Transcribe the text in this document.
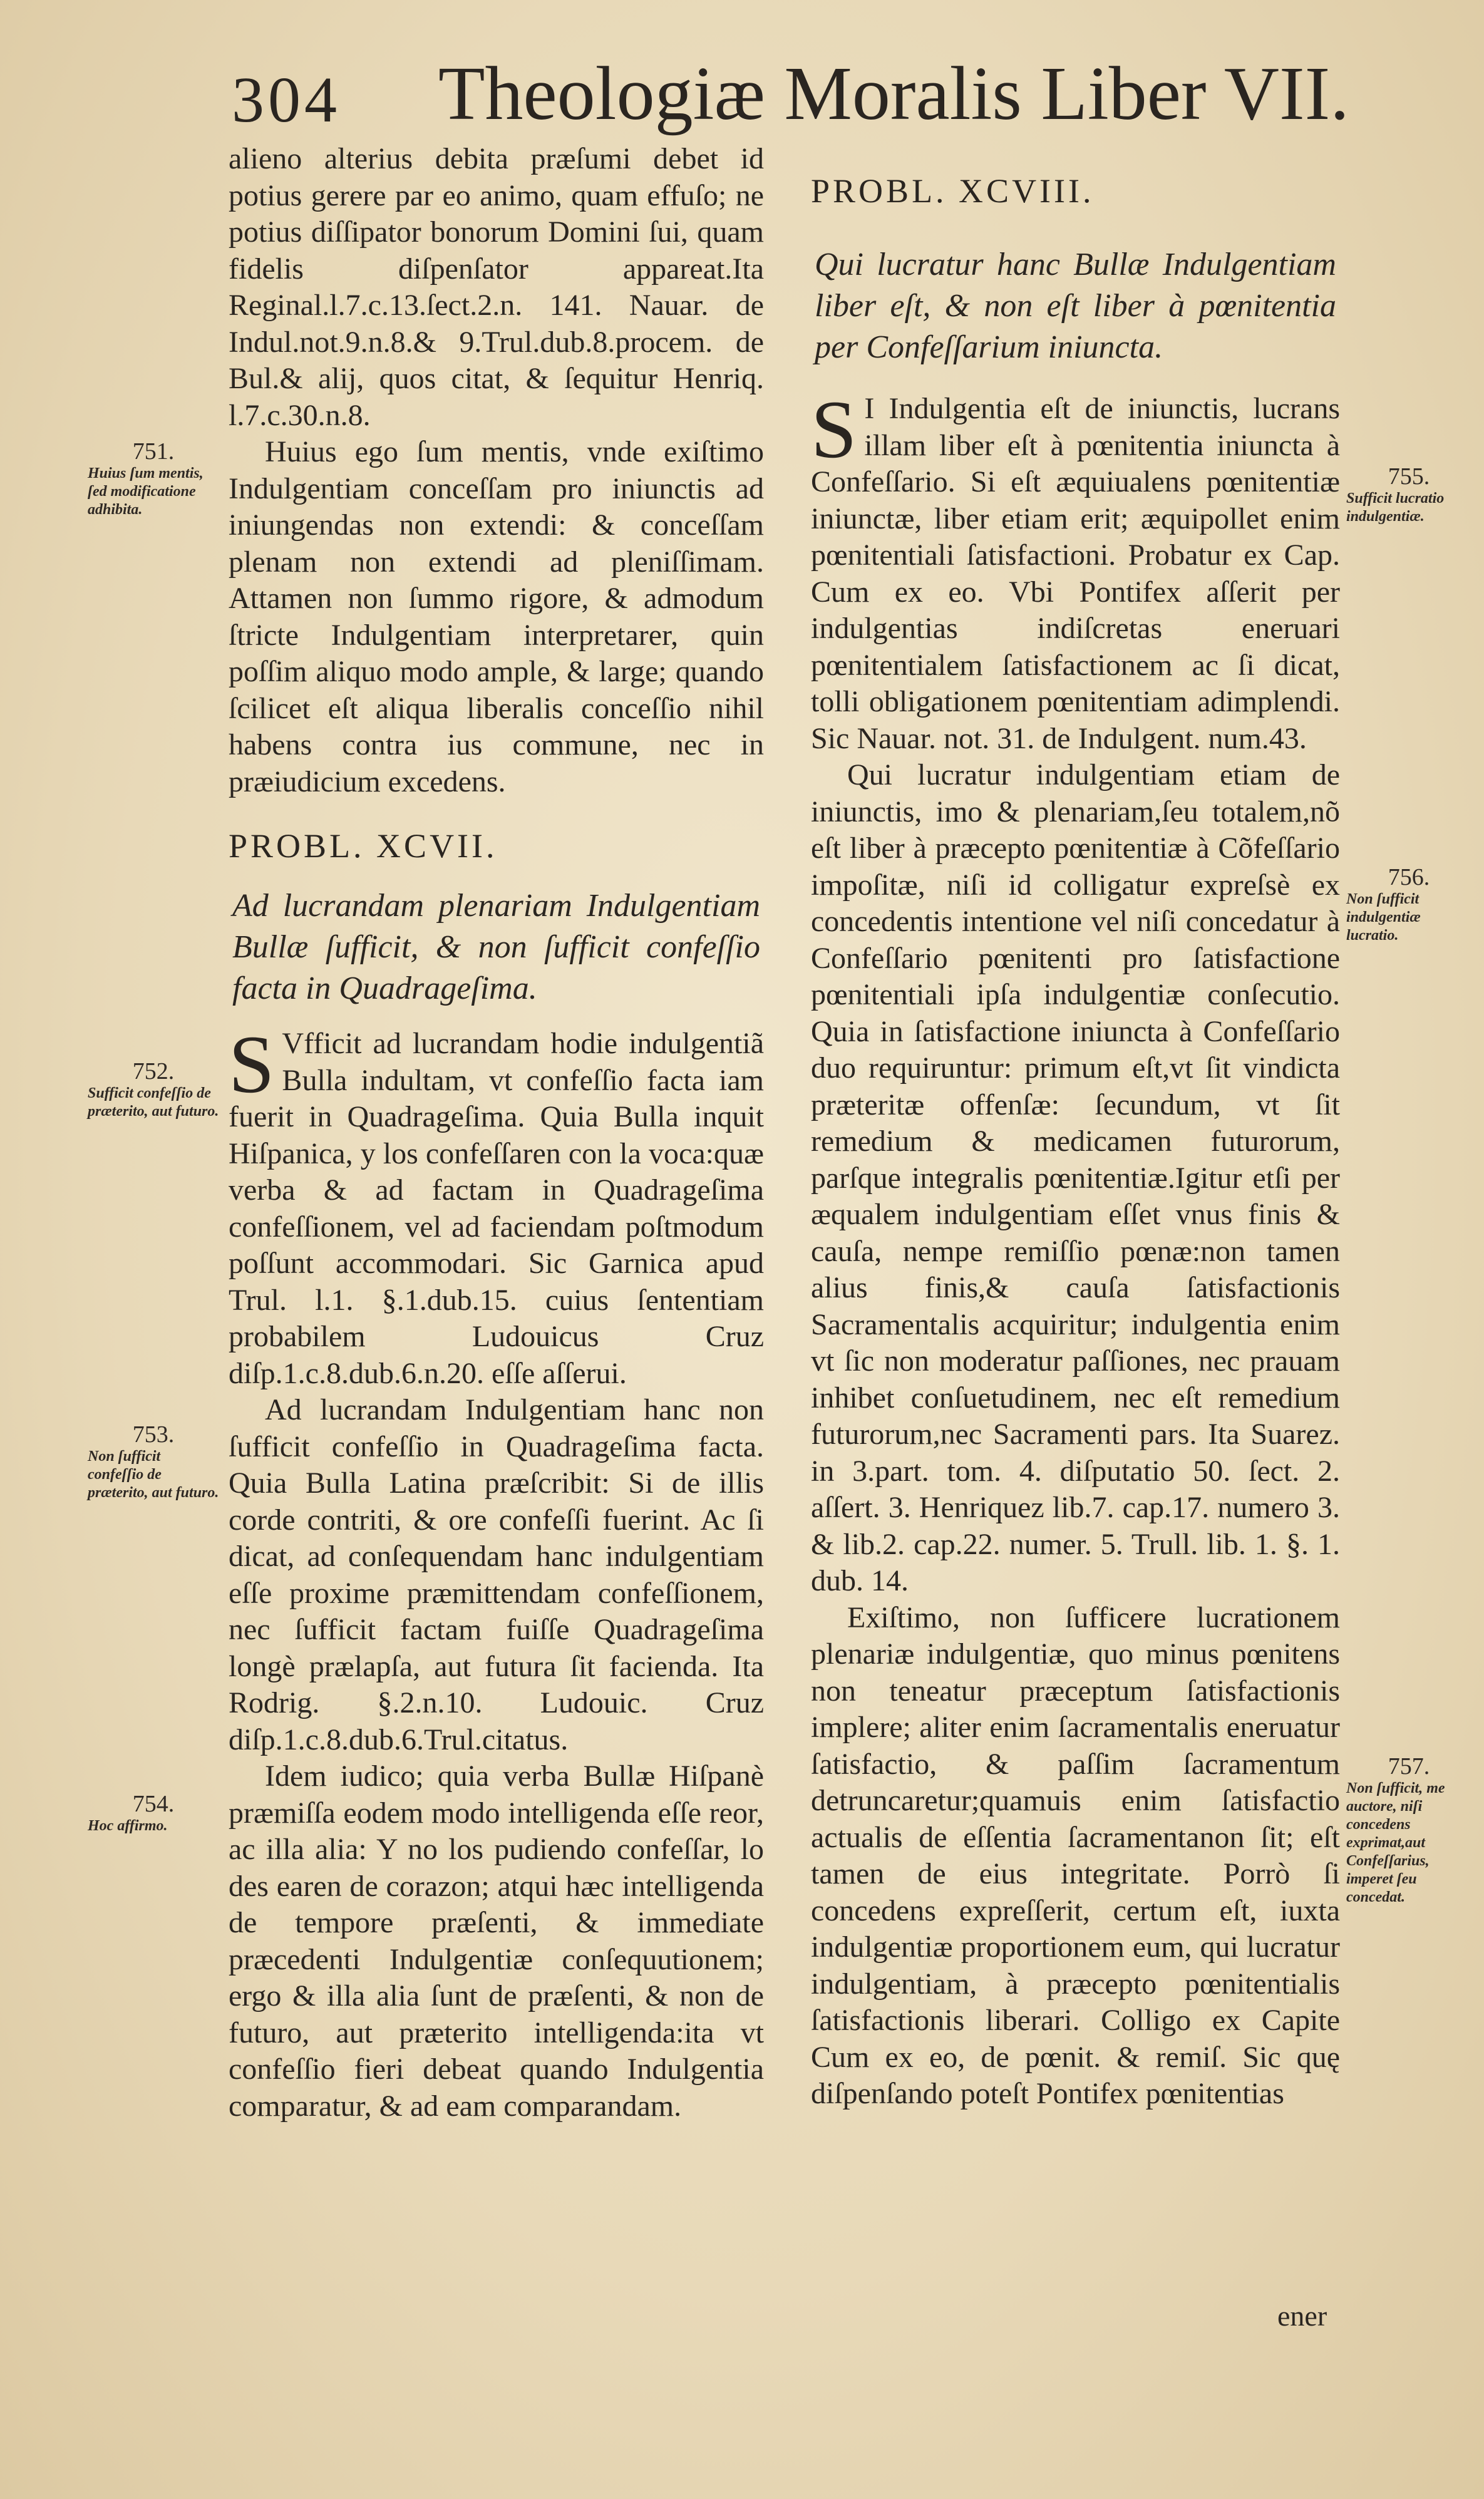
304 Theologiæ Moralis Liber VII.

alieno alterius debita præſumi debet id potius gerere par eo animo, quam effuſo; ne potius diſſipator bonorum Domini ſui, quam fidelis diſpenſator appareat.Ita Reginal.l.7.c.13.ſect.2.n. 141. Nauar. de Indul.not.9.n.8.& 9.Trul.dub.8.procem. de Bul.& alij, quos citat, & ſequitur Henriq. l.7.c.30.n.8.

Huius ego ſum mentis, vnde exiſtimo Indulgentiam conceſſam pro iniunctis ad iniungendas non extendi: & conceſſam plenam non extendi ad pleniſſimam. Attamen non ſummo rigore, & admodum ſtricte Indulgentiam interpretarer, quin poſſim aliquo modo ample, & large; quando ſcilicet eſt aliqua liberalis conceſſio nihil habens contra ius commune, nec in præiudicium excedens.

PROBL. XCVII.

Ad lucrandam plenariam Indulgentiam Bullæ ſufficit, & non ſufficit confeſſio facta in Quadrageſima.

S Vfficit ad lucrandam hodie indulgentiã Bulla indultam, vt confeſſio facta iam fuerit in Quadrageſima. Quia Bulla inquit Hiſpanica, y los confeſſaren con la voca:quæ verba & ad factam in Quadrageſima confeſſionem, vel ad faciendam poſtmodum poſſunt accommodari. Sic Garnica apud Trul. l.1. §.1.dub.15. cuius ſententiam probabilem Ludouicus Cruz diſp.1.c.8.dub.6.n.20. eſſe aſſerui.

Ad lucrandam Indulgentiam hanc non ſufficit confeſſio in Quadrageſima facta. Quia Bulla Latina præſcribit: Si de illis corde contriti, & ore confeſſi fuerint. Ac ſi dicat, ad conſequendam hanc indulgentiam eſſe proxime præmittendam confeſſionem, nec ſufficit factam fuiſſe Quadrageſima longè prælapſa, aut futura ſit facienda. Ita Rodrig. §.2.n.10. Ludouic. Cruz diſp.1.c.8.dub.6.Trul.citatus.

Idem iudico; quia verba Bullæ Hiſpanè præmiſſa eodem modo intelligenda eſſe reor, ac illa alia: Y no los pudiendo confeſſar, lo des earen de corazon; atqui hæc intelligenda de tempore præſenti, & immediate præcedenti Indulgentiæ conſequutionem; ergo & illa alia ſunt de præſenti, & non de futuro, aut præterito intelligenda:ita vt confeſſio fieri debeat quando Indulgentia comparatur, & ad eam comparandam.

PROBL. XCVIII.

Qui lucratur hanc Bullæ Indulgentiam liber eſt, & non eſt liber à pœnitentia per Confeſſarium iniuncta.

S I Indulgentia eſt de iniunctis, lucrans illam liber eſt à pœnitentia iniuncta à Confeſſario. Si eſt æquiualens pœnitentiæ iniunctæ, liber etiam erit; æquipollet enim pœnitentiali ſatisfactioni. Probatur ex Cap. Cum ex eo. Vbi Pontifex aſſerit per indulgentias indiſcretas eneruari pœnitentialem ſatisfactionem ac ſi dicat, tolli obligationem pœnitentiam adimplendi. Sic Nauar. not. 31. de Indulgent. num.43.

Qui lucratur indulgentiam etiam de iniunctis, imo & plenariam,ſeu totalem,nõ eſt liber à præcepto pœnitentiæ à Cõfeſſario impoſitæ, niſi id colligatur expreſsè ex concedentis intentione vel niſi concedatur à Confeſſario pœnitenti pro ſatisfactione pœnitentiali ipſa indulgentiæ conſecutio. Quia in ſatisfactione iniuncta à Confeſſario duo requiruntur: primum eſt,vt ſit vindicta præteritæ offenſæ: ſecundum, vt ſit remedium & medicamen futurorum, parſque integralis pœnitentiæ.Igitur etſi per æqualem indulgentiam eſſet vnus finis & cauſa, nempe remiſſio pœnæ:non tamen alius finis,& cauſa ſatisfactionis Sacramentalis acquiritur; indulgentia enim vt ſic non moderatur paſſiones, nec prauam inhibet conſuetudinem, nec eſt remedium futurorum,nec Sacramenti pars. Ita Suarez. in 3.part. tom. 4. diſputatio 50. ſect. 2. aſſert. 3. Henriquez lib.7. cap.17. numero 3. & lib.2. cap.22. numer. 5. Trull. lib. 1. §. 1. dub. 14.

Exiſtimo, non ſufficere lucrationem plenariæ indulgentiæ, quo minus pœnitens non teneatur præceptum ſatisfactionis implere; aliter enim ſacramentalis eneruatur ſatisfactio, & paſſim ſacramentum detruncaretur;quamuis enim ſatisfactio actualis de eſſentia ſacramentanon ſit; eſt tamen de eius integritate. Porrò ſi concedens expreſſerit, certum eſt, iuxta indulgentiæ proportionem eum, qui lucratur indulgentiam, à præcepto pœnitentialis ſatisfactionis liberari. Colligo ex Capite Cum ex eo, de pœnit. & remiſ. Sic quę diſpenſando poteſt Pontifex pœnitentias

ener
751.
Huius ſum mentis, ſed modificatione adhibita.
752.
Sufficit confeſſio de præterito, aut futuro.
753.
Non ſufficit confeſſio de præterito, aut futuro.
754.
Hoc affirmo.
755.
Sufficit lucratio indulgentiæ.
756.
Non ſufficit indulgentiæ lucratio.
757.
Non ſufficit, me auctore, niſi concedens exprimat,aut Confeſſarius, imperet ſeu concedat.
